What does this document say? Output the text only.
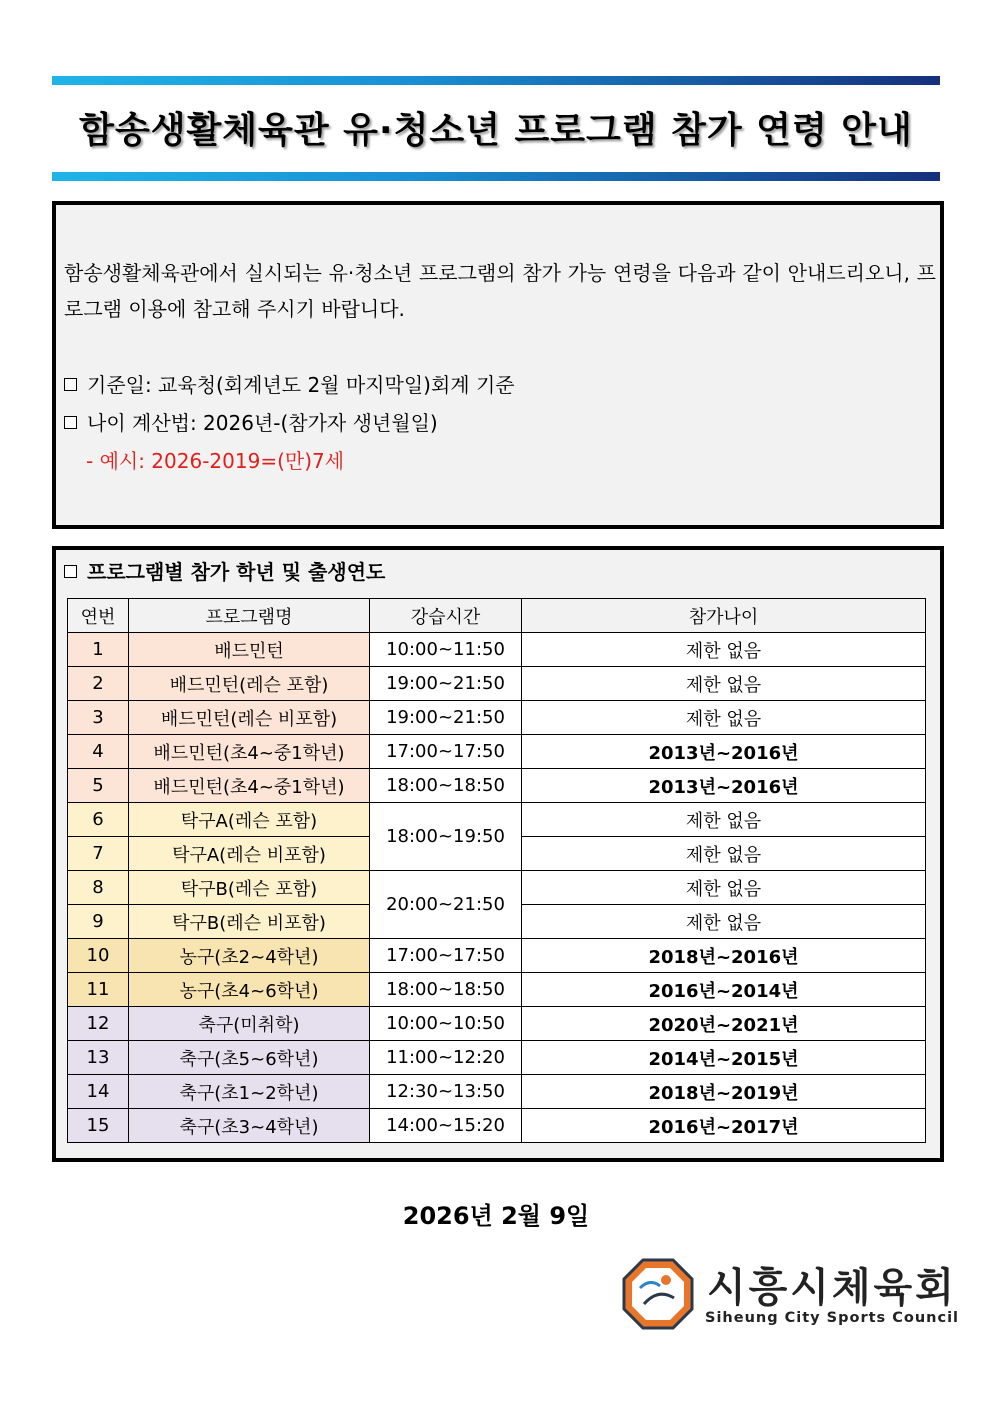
함송생활체육관 유·청소년 프로그램 참가 연령 안내
함송생활체육관에서 실시되는 유·청소년 프로그램의 참가 가능 연령을 다음과 같이 안내드리오니, 프로그램 이용에 참고해 주시기 바랍니다.
기준일: 교육청(회계년도 2월 마지막일)회계 기준
나이 계산법: 2026년-(참가자 생년월일)
- 예시: 2026-2019=(만)7세
프로그램별 참가 학년 및 출생연도
연번	프로그램명	강습시간	참가나이
1	배드민턴	10:00~11:50	제한 없음
2	배드민턴(레슨 포함)	19:00~21:50	제한 없음
3	배드민턴(레슨 비포함)	19:00~21:50	제한 없음
4	배드민턴(초4~중1학년)	17:00~17:50	2013년~2016년
5	배드민턴(초4~중1학년)	18:00~18:50	2013년~2016년
6	탁구A(레슨 포함)	18:00~19:50	제한 없음
7	탁구A(레슨 비포함)		제한 없음
8	탁구B(레슨 포함)	20:00~21:50	제한 없음
9	탁구B(레슨 비포함)		제한 없음
10	농구(초2~4학년)	17:00~17:50	2018년~2016년
11	농구(초4~6학년)	18:00~18:50	2016년~2014년
12	축구(미취학)	10:00~10:50	2020년~2021년
13	축구(초5~6학년)	11:00~12:20	2014년~2015년
14	축구(초1~2학년)	12:30~13:50	2018년~2019년
15	축구(초3~4학년)	14:00~15:20	2016년~2017년
2026년 2월 9일
시흥시체육회
Siheung City Sports Council
